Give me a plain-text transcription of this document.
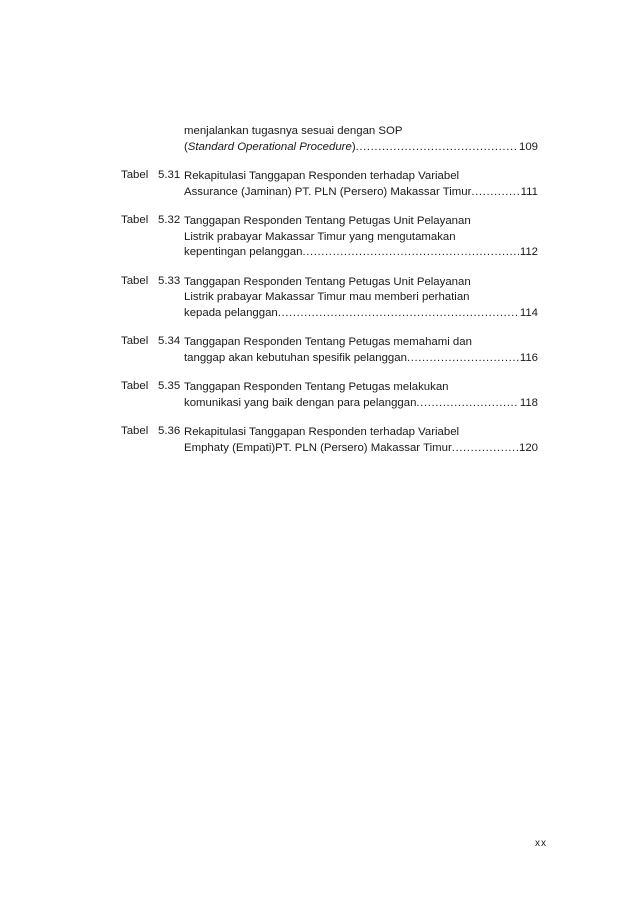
menjalankan tugasnya sesuai dengan SOP
(Standard Operational Procedure) .....	109
Tabel 5.31 Rekapitulasi Tanggapan Responden terhadap Variabel
Assurance (Jaminan) PT. PLN (Persero) Makassar Timur .....	111
Tabel 5.32 Tanggapan Responden Tentang Petugas Unit Pelayanan
Listrik prabayar Makassar Timur yang mengutamakan
kepentingan pelanggan .....	112
Tabel 5.33 Tanggapan Responden Tentang Petugas Unit Pelayanan
Listrik prabayar Makassar Timur mau memberi perhatian
kepada pelanggan .....	114
Tabel 5.34 Tanggapan Responden Tentang Petugas memahami dan
tanggap akan kebutuhan spesifik pelanggan .....	116
Tabel 5.35 Tanggapan Responden Tentang Petugas melakukan
komunikasi yang baik dengan para pelanggan .....	118
Tabel 5.36 Rekapitulasi Tanggapan Responden terhadap Variabel
Emphaty (Empati)PT. PLN (Persero) Makassar Timur .....	120
xx
